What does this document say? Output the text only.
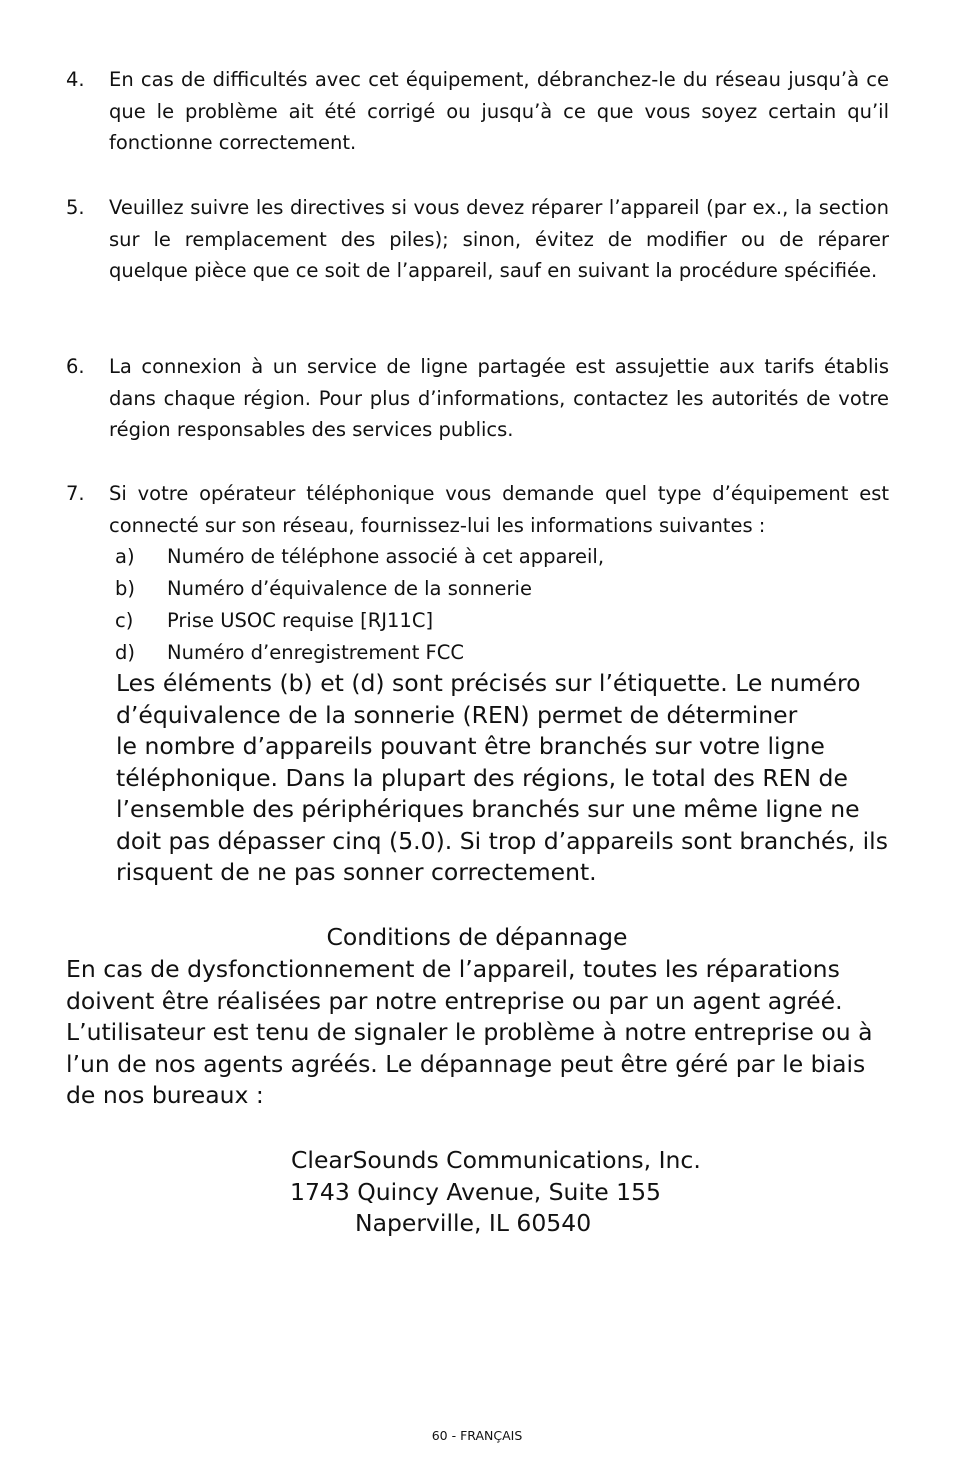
4.	En cas de difficultés avec cet équipement, débranchez-le du réseau jusqu’à ce que le problème ait été corrigé ou jusqu’à ce que vous soyez certain qu’il fonctionne correctement.
5.	Veuillez suivre les directives si vous devez réparer l’appareil (par ex., la section sur le remplacement des piles); sinon, évitez de modifier ou de réparer quelque pièce que ce soit de l’appareil, sauf en suivant la procédure spécifiée.
6.	La connexion à un service de ligne partagée est assujettie aux tarifs établis dans chaque région. Pour plus d’informations, contactez les autorités de votre région responsables des services publics.
7.	Si votre opérateur téléphonique vous demande quel type d’équipement est connecté sur son réseau, fournissez-lui les informations suivantes :
a) Numéro de téléphone associé à cet appareil,
b) Numéro d’équivalence de la sonnerie
c) Prise USOC requise [RJ11C]
d) Numéro d’enregistrement FCC
Les éléments (b) et (d) sont précisés sur l’étiquette. Le numéro
d’équivalence de la sonnerie (REN) permet de déterminer
le nombre d’appareils pouvant être branchés sur votre ligne
téléphonique. Dans la plupart des régions, le total des REN de
l’ensemble des périphériques branchés sur une même ligne ne
doit pas dépasser cinq (5.0). Si trop d’appareils sont branchés, ils
risquent de ne pas sonner correctement.
Conditions de dépannage
En cas de dysfonctionnement de l’appareil, toutes les réparations
doivent être réalisées par notre entreprise ou par un agent agréé.
L’utilisateur est tenu de signaler le problème à notre entreprise ou à
l’un de nos agents agréés. Le dépannage peut être géré par le biais
de nos bureaux :
ClearSounds Communications, Inc.
1743 Quincy Avenue, Suite 155
Naperville, IL 60540
60 - FRANÇAIS
